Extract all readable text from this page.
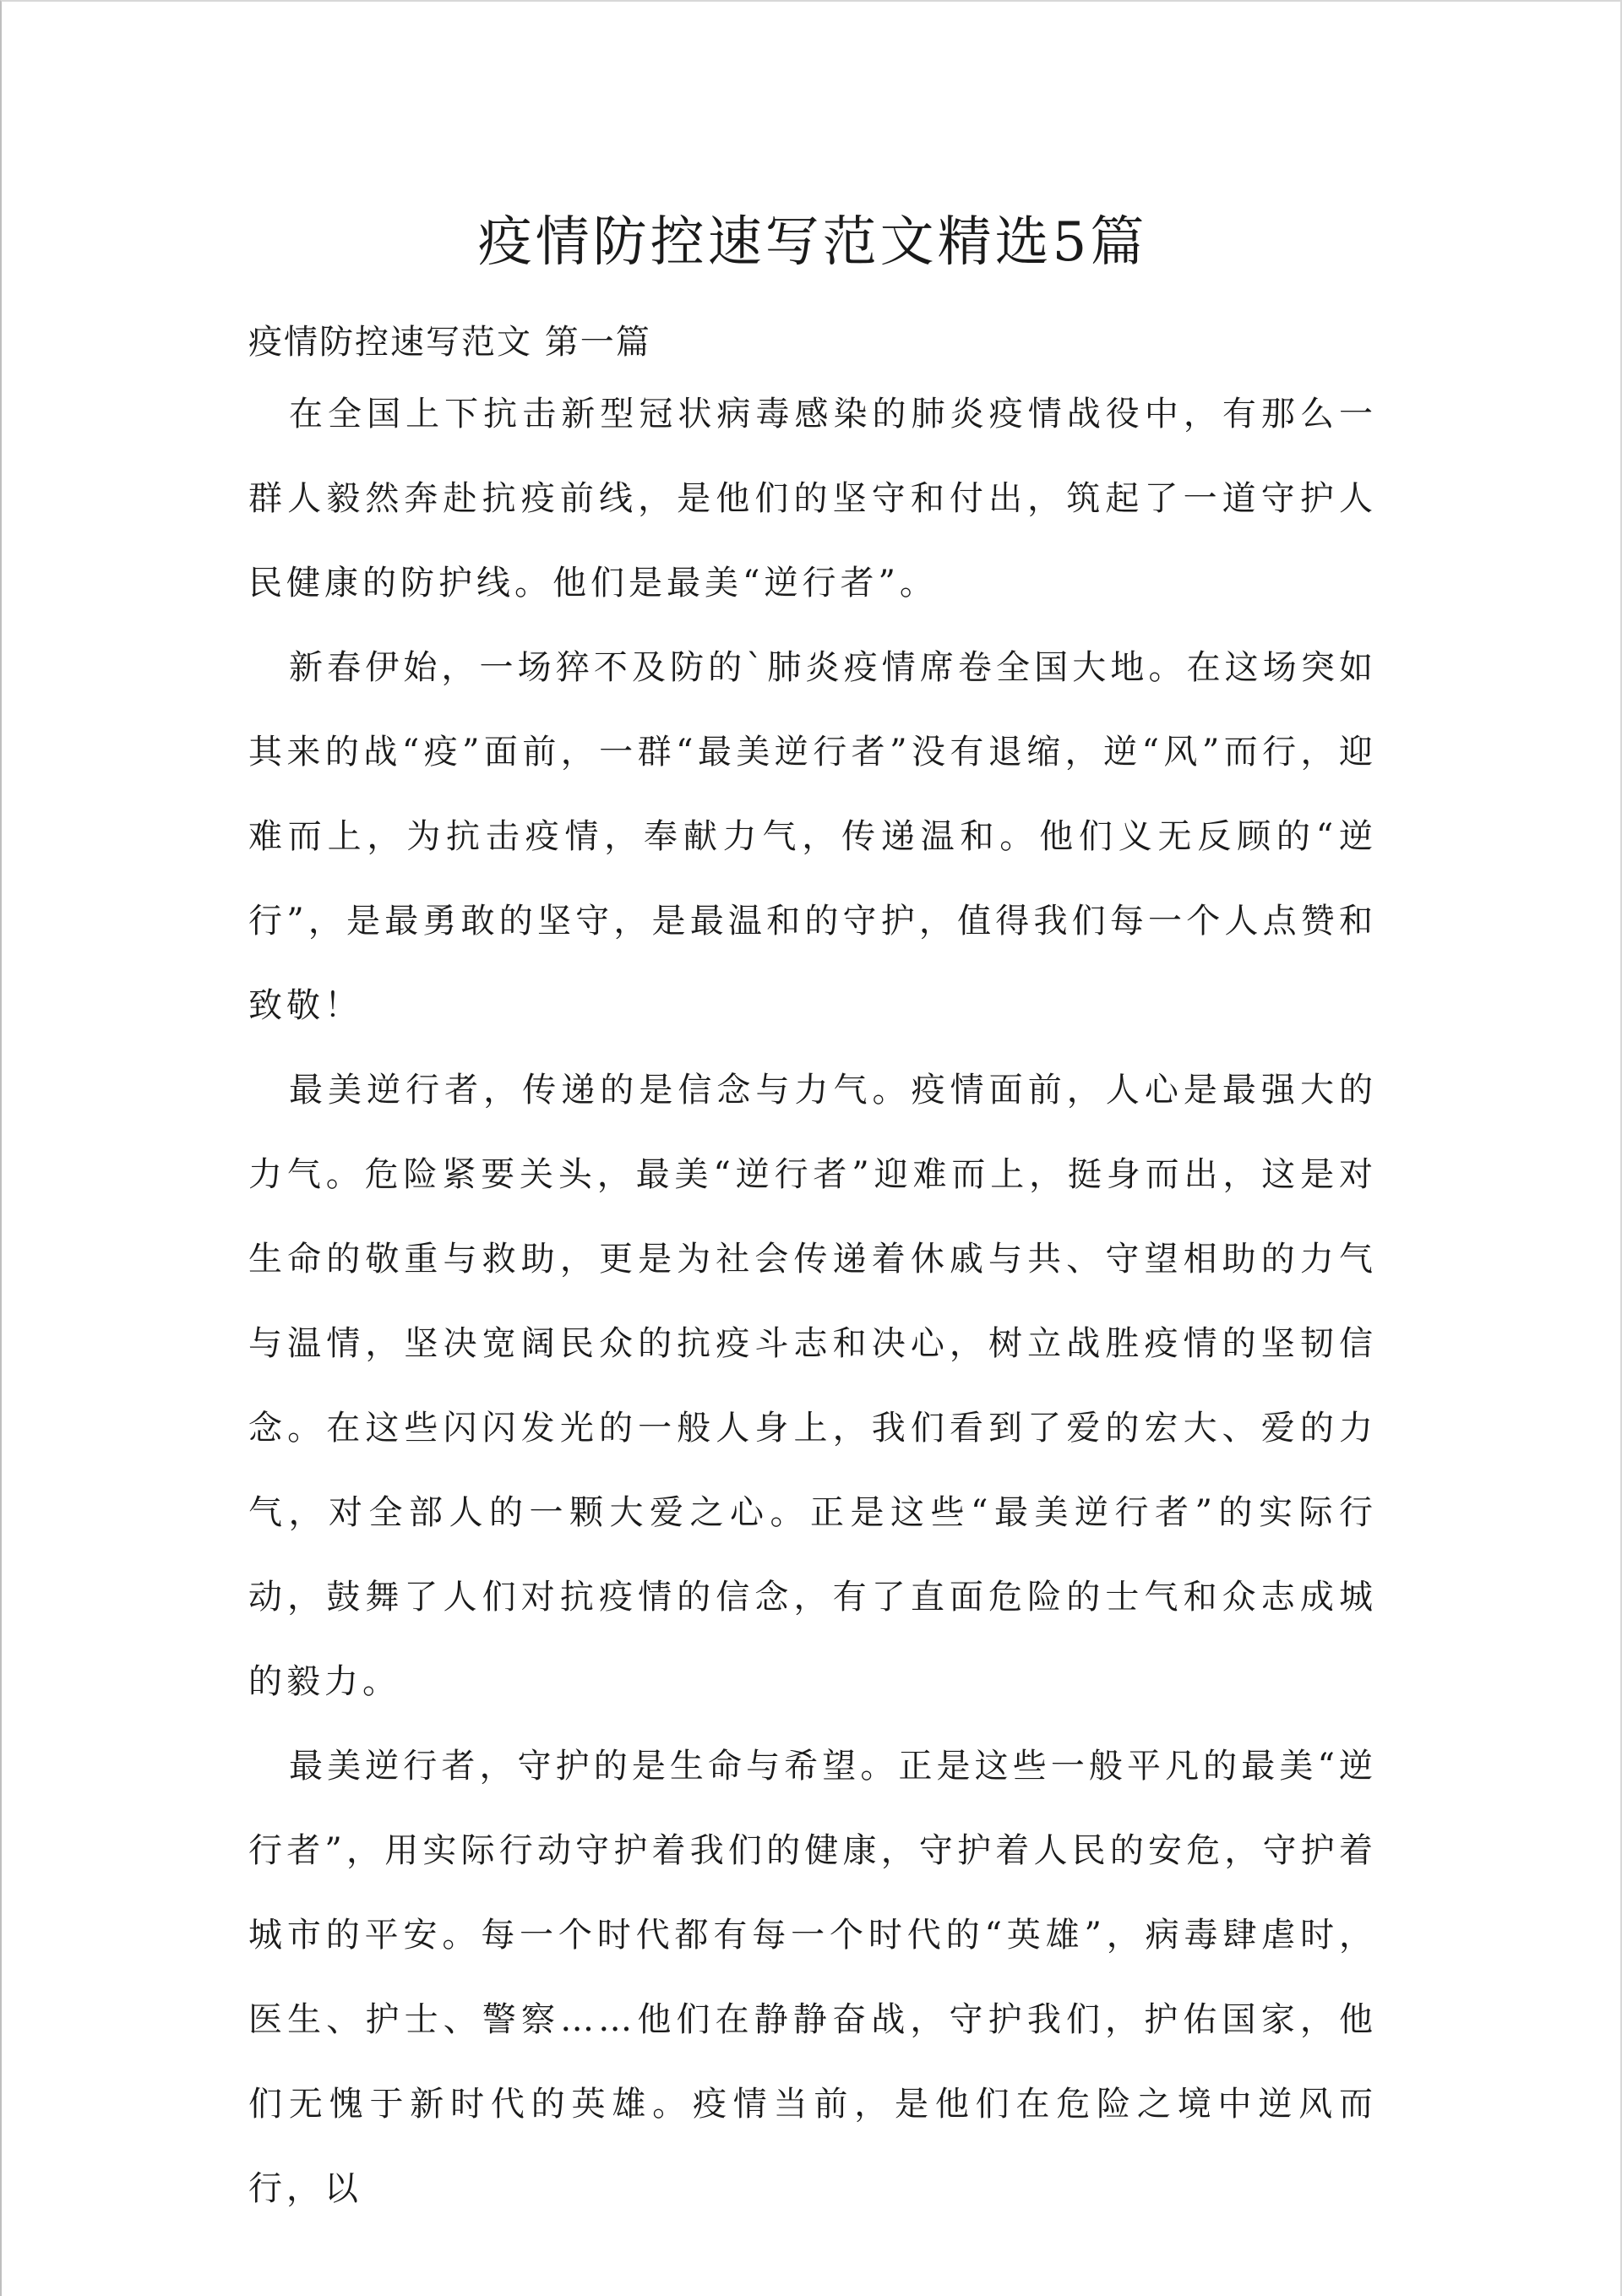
疫情防控速写范文精选5篇
疫情防控速写范文 第一篇

在全国上下抗击新型冠状病毒感染的肺炎疫情战役中，有那么一群人毅然奔赴抗疫前线，是他们的坚守和付出，筑起了一道守护人民健康的防护线。他们是最美“逆行者”。

新春伊始，一场猝不及防的`肺炎疫情席卷全国大地。在这场突如其来的战“疫”面前，一群“最美逆行者”没有退缩，逆“风”而行，迎难而上，为抗击疫情，奉献力气，传递温和。他们义无反顾的“逆行”，是最勇敢的坚守，是最温和的守护，值得我们每一个人点赞和致敬！

最美逆行者，传递的是信念与力气。疫情面前，人心是最强大的力气。危险紧要关头，最美“逆行者”迎难而上，挺身而出，这是对生命的敬重与救助，更是为社会传递着休戚与共、守望相助的力气与温情，坚决宽阔民众的抗疫斗志和决心，树立战胜疫情的坚韧信念。在这些闪闪发光的一般人身上，我们看到了爱的宏大、爱的力气，对全部人的一颗大爱之心。正是这些“最美逆行者”的实际行动，鼓舞了人们对抗疫情的信念，有了直面危险的士气和众志成城的毅力。

最美逆行者，守护的是生命与希望。正是这些一般平凡的最美“逆行者”，用实际行动守护着我们的健康，守护着人民的安危，守护着城市的平安。每一个时代都有每一个时代的“英雄”，病毒肆虐时，医生、护士、警察……他们在静静奋战，守护我们，护佑国家，他们无愧于新时代的英雄。疫情当前，是他们在危险之境中逆风而行，以
